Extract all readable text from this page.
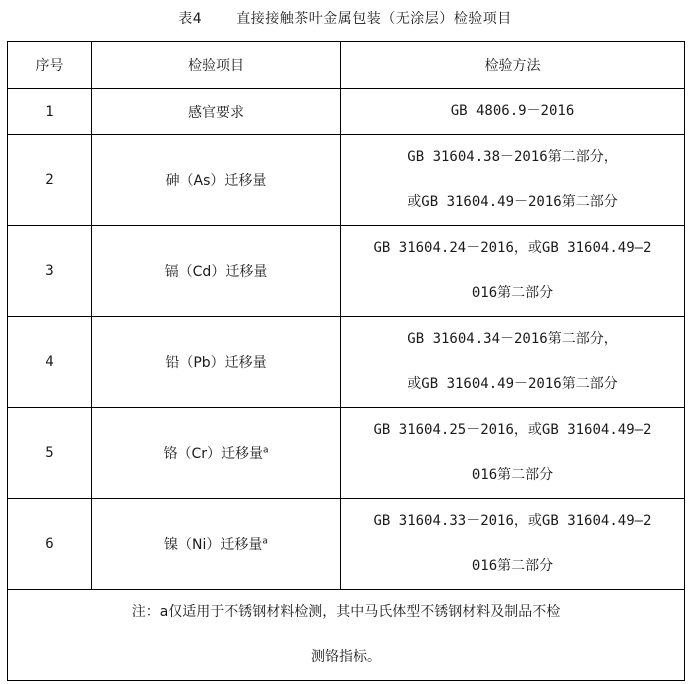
表4 直接接触茶叶金属包装（无涂层）检验项目
序号	检验项目	检验方法
1	感官要求	GB 4806.9－2016

2	砷（As）迁移量	GB 31604.38－2016第二部分，
或GB 31604.49－2016第二部分

3	镉（Cd）迁移量	GB 31604.24－2016，或GB 31604.49—2
016第二部分

4	铅（Pb）迁移量	GB 31604.34－2016第二部分，
或GB 31604.49－2016第二部分

5	铬（Cr）迁移量$^a$	GB 31604.25－2016，或GB 31604.49—2
016第二部分

6	镍（Ni）迁移量$^a$	GB 31604.33－2016，或GB 31604.49—2
016第二部分

注：a仅适用于不锈钢材料检测，其中马氏体型不锈钢材料及制品不检
测铬指标。		
